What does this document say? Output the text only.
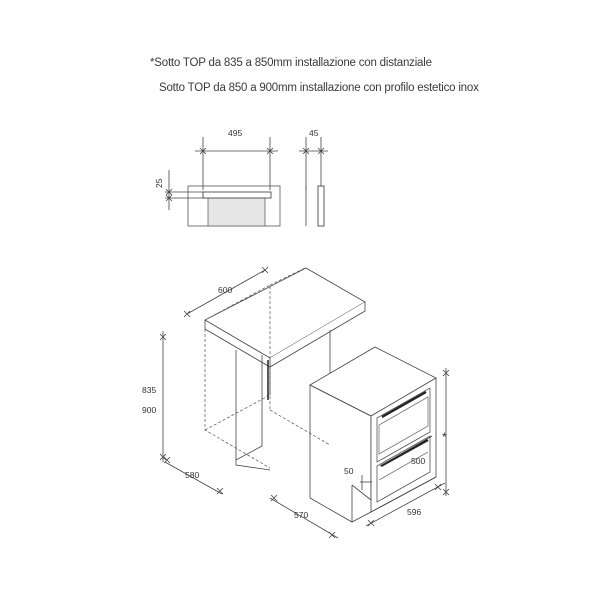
*Sotto TOP da 835 a 850mm installazione con distanziale
Sotto TOP da 850 a 900mm installazione con profilo estetico inox
495	45
25
600
835
900
580
570	596
50
500
*
